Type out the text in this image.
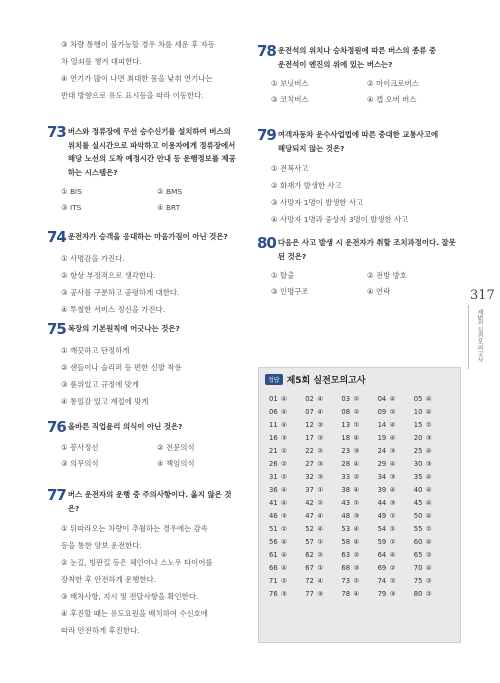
③ 차량 통행이 불가능할 경우 차를 세운 후 자동
차 열쇠를 챙겨 대피한다.
④ 연기가 많이 나면 최대한 몸을 낮춰 연기나는
반대 방향으로 유도 표시등을 따라 이동한다.
73 버스와 정류장에 무선 승수신기를 설치하여 버스의
위치를 실시간으로 파악하고 이용자에게 정류장에서
해당 노선의 도착 예정시간 안내 등 운행정보를 제공
하는 시스템은?
① BIS	② BMS
③ ITS	④ BRT
74 운전자가 승객을 응대하는 마음가짐이 아닌 것은?
① 사명감을 가진다.
② 항상 부정적으로 생각한다.
③ 공사를 구분하고 공평하게 대한다.
④ 투철한 서비스 정신을 가진다.
75 복장의 기본원칙에 어긋나는 것은?
① 깨끗하고 단정하게
② 샌들이나 슬리퍼 등 편한 신발 착용
③ 품위있고 규정에 맞게
④ 통일감 있고 계절에 맞게
76 올바른 직업윤리 의식이 아닌 것은?
① 봉사정신	② 전문의식
③ 의무의식	④ 책임의식
77 버스 운전자의 운행 중 주의사항이다. 옳지 않은 것
은?
① 뒤따라오는 차량이 추월하는 경우에는 감속
등을 통한 양보 운전한다.
② 눈길, 빙판길 등은 체인이나 스노우 타이어를
장착한 후 안전하게 운행한다.
③ 배차사항, 지시 및 전달사항을 확인한다.
④ 후진할 때는 유도요원을 배치하여 수신호에
따라 안전하게 후진한다.
78 운전석의 위치나 승차정원에 따른 버스의 종류 중
운전석이 엔진의 위에 있는 버스는?
① 보닛버스	② 마이크로버스
③ 코치버스	④ 캡 오버 버스
79 여객자동차 운수사업법에 따른 중대한 교통사고에
해당되지 않는 것은?
① 전복사고
② 화재가 발생한 사고
③ 사망자 1명이 발생한 사고
④ 사망자 1명과 중상자 3명이 발생한 사고
80 다음은 사고 발생 시 운전자가 취할 조치과정이다. 잘못
된 것은?
① 탈출	② 전방 방호
③ 인명구조	④ 연락	317
제5회 실전모의고사
정답 제5회 실전모의고사
01 ④	02 ④	03 ②	04 ④	05 ④
06 ④	07 ④	08 ②	09 ②	10 ④
11 ④	12 ③	13 ①	14 ④	15 ①
16 ③	17 ③	18 ④	19 ④	20 ③
21 ②	22 ②	23 ③	24 ③	25 ④
26 ②	27 ③	28 ④	29 ④	30 ③
31 ②	32 ③	33 ②	34 ③	35 ④
36 ④	37 ①	38 ④	39 ④	40 ④
41 ④	42 ②	43 ①	44 ③	45 ④
46 ③	47 ④	48 ③	49 ①	50 ④
51 ②	52 ④	53 ④	54 ①	55 ①
56 ④	57 ①	58 ④	59 ①	60 ④
61 ④	62 ②	63 ②	64 ④	65 ②
66 ④	67 ①	68 ③	69 ②	70 ④
71 ②	72 ④	73 ①	74 ②	75 ②
76 ③	77 ③	78 ④	79 ③	80 ②
